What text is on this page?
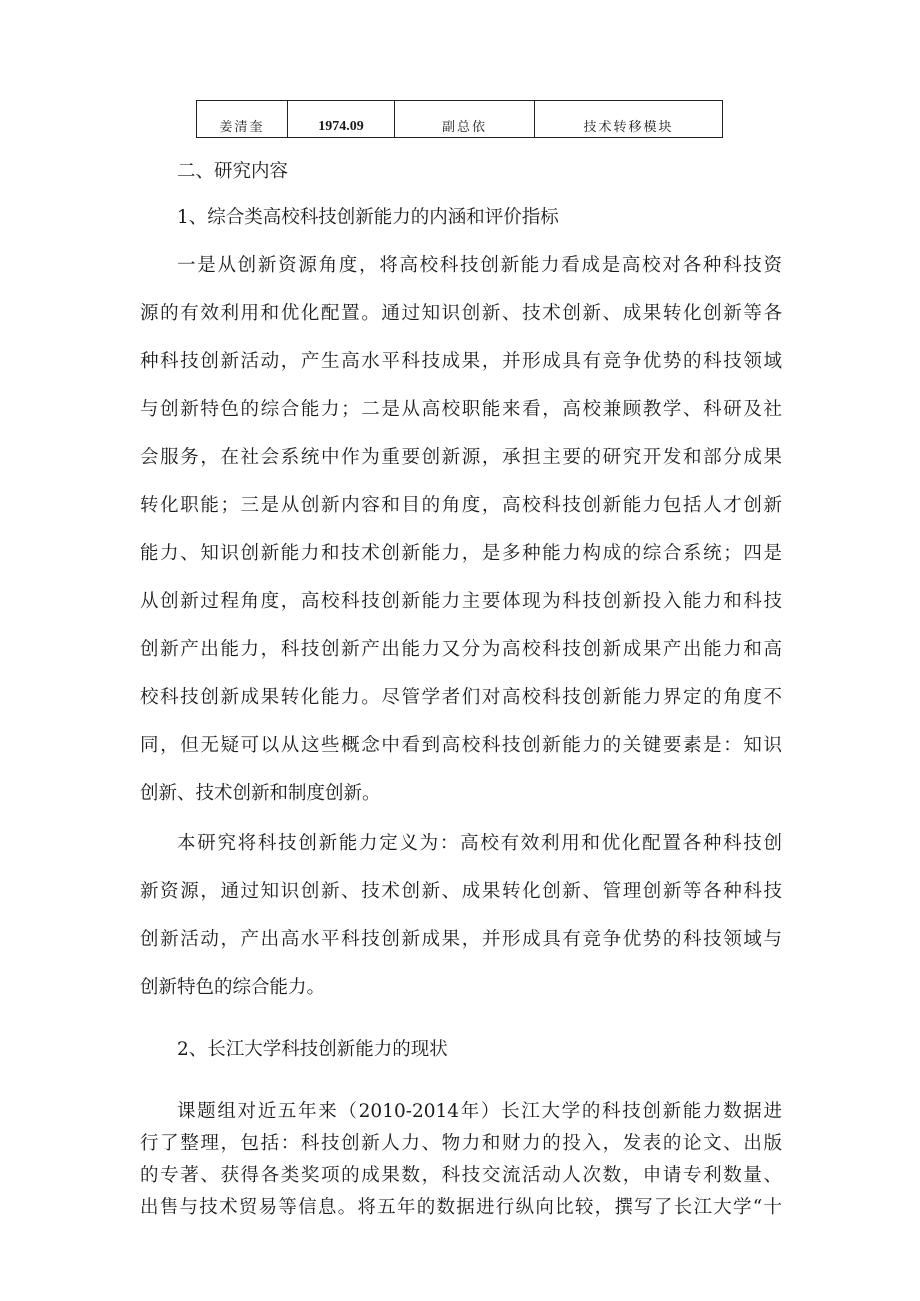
姜清奎	1974.09	副总依	技术转移模块

二、研究内容

1、综合类高校科技创新能力的内涵和评价指标

一是从创新资源角度，将高校科技创新能力看成是高校对各种科技资

源的有效利用和优化配置。通过知识创新、技术创新、成果转化创新等各

种科技创新活动，产生高水平科技成果，并形成具有竞争优势的科技领域

与创新特色的综合能力；二是从高校职能来看，高校兼顾教学、科研及社

会服务，在社会系统中作为重要创新源，承担主要的研究开发和部分成果

转化职能；三是从创新内容和目的角度，高校科技创新能力包括人才创新

能力、知识创新能力和技术创新能力，是多种能力构成的综合系统；四是

从创新过程角度，高校科技创新能力主要体现为科技创新投入能力和科技

创新产出能力，科技创新产出能力又分为高校科技创新成果产出能力和高

校科技创新成果转化能力。尽管学者们对高校科技创新能力界定的角度不

同，但无疑可以从这些概念中看到高校科技创新能力的关键要素是：知识

创新、技术创新和制度创新。

本研究将科技创新能力定义为：高校有效利用和优化配置各种科技创

新资源，通过知识创新、技术创新、成果转化创新、管理创新等各种科技

创新活动，产出高水平科技创新成果，并形成具有竞争优势的科技领域与

创新特色的综合能力。

2、长江大学科技创新能力的现状

课题组对近五年来（2010-2014年）长江大学的科技创新能力数据进

行了整理，包括：科技创新人力、物力和财力的投入，发表的论文、出版

的专著、获得各类奖项的成果数，科技交流活动人次数，申请专利数量、

出售与技术贸易等信息。将五年的数据进行纵向比较，撰写了长江大学“十
